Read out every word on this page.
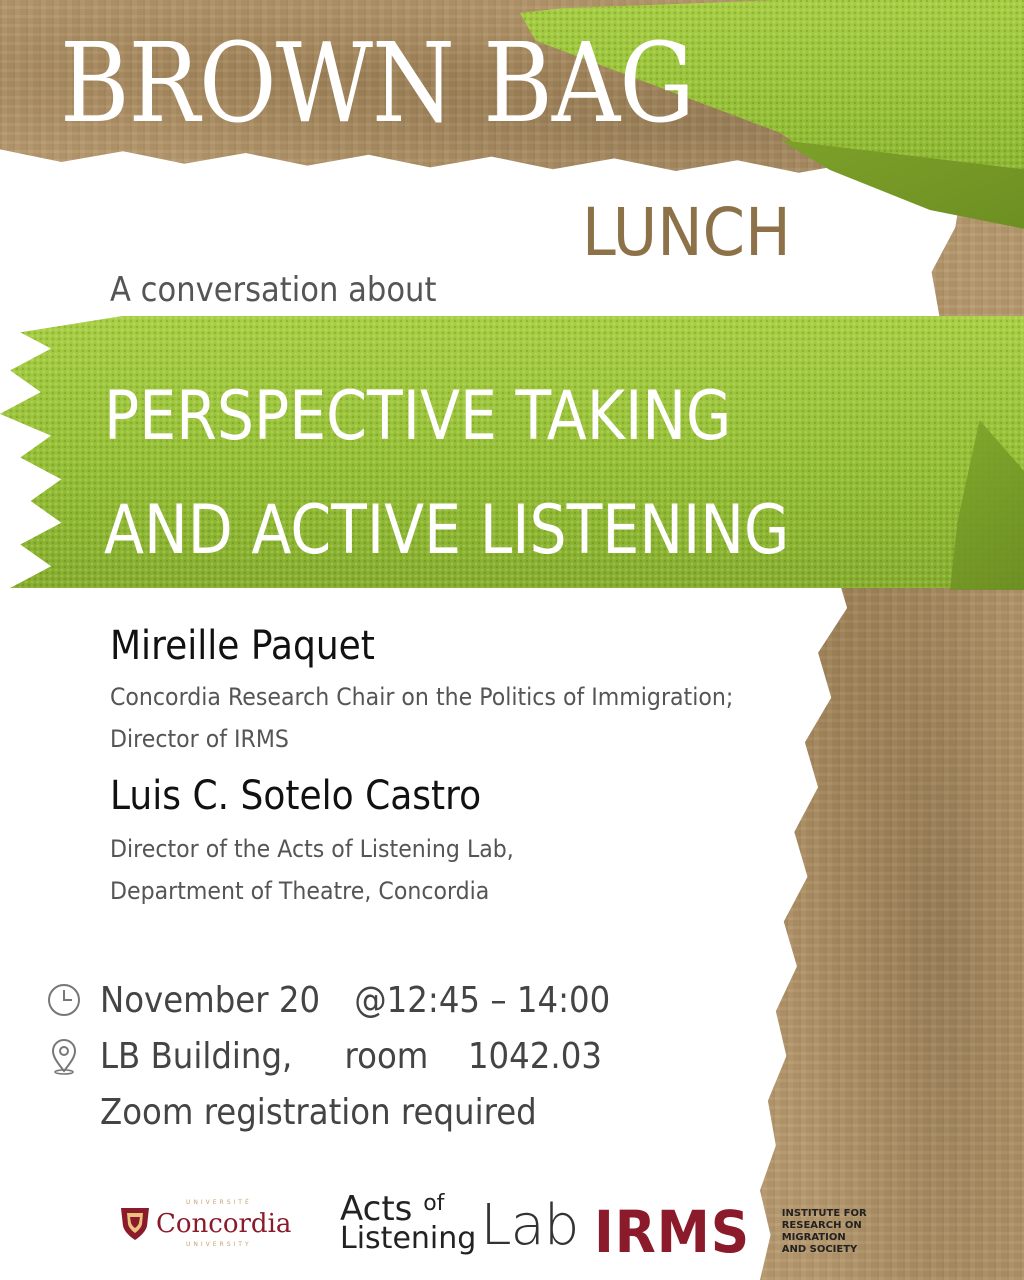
BROWN BAG
LUNCH
A conversation about
PERSPECTIVE TAKING
AND ACTIVE LISTENING
Mireille Paquet
Concordia Research Chair on the Politics of Immigration;
Director of IRMS
Luis C. Sotelo Castro
Director of the Acts of Listening Lab,
Department of Theatre, Concordia
November 20 @12:45 – 14:00
LB Building, room 1042.03
Zoom registration required
UNIVERSITÉ
Concordia
UNIVERSITY
Acts $^{of}$
Listening Lab IRMS	INSTITUTE FOR
RESEARCH ON
MIGRATION
AND SOCIETY
